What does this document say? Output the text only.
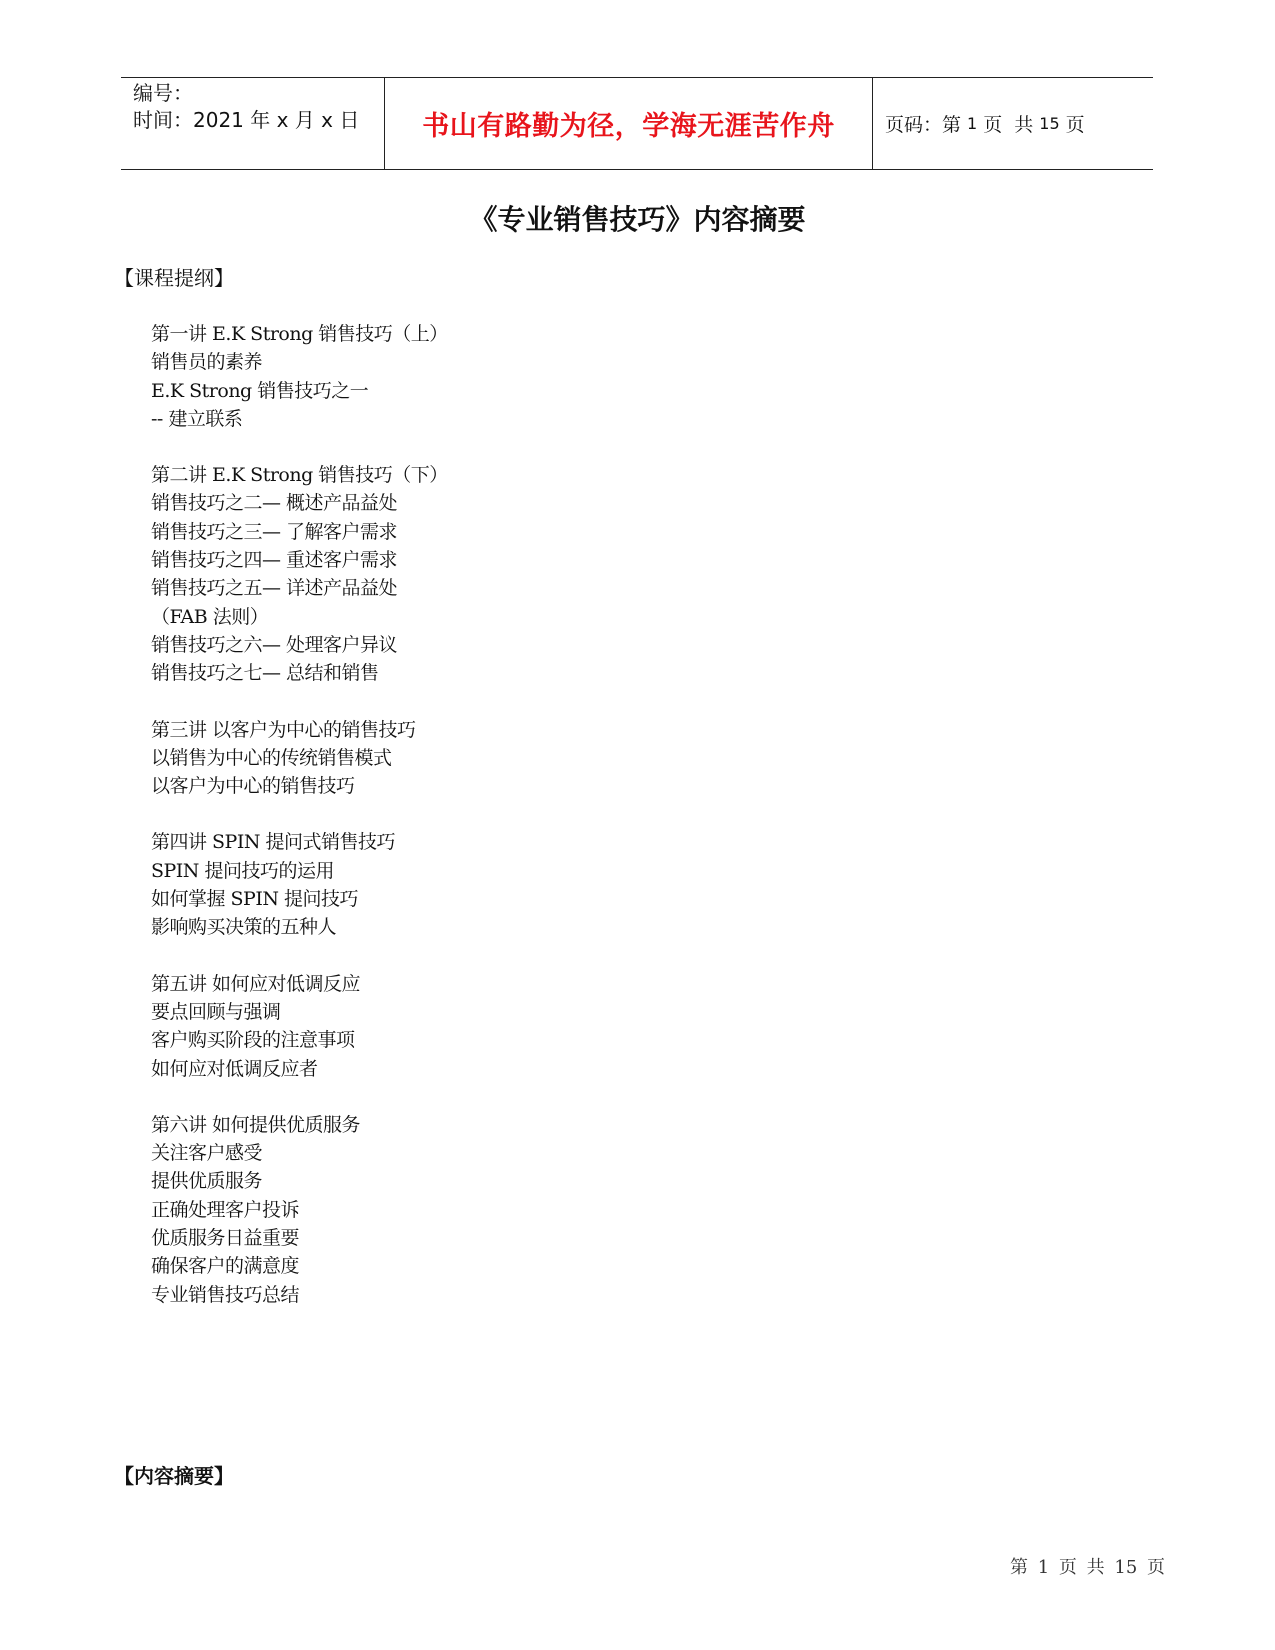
编号：
时间：2021 年 x 月 x 日	书山有路勤为径，学海无涯苦作舟	页码：第 1 页  共 15 页
《专业销售技巧》内容摘要
【课程提纲】
第一讲 E.K Strong 销售技巧（上）
销售员的素养
E.K Strong 销售技巧之一
-- 建立联系
第二讲 E.K Strong 销售技巧（下）
销售技巧之二— 概述产品益处
销售技巧之三— 了解客户需求
销售技巧之四— 重述客户需求
销售技巧之五— 详述产品益处
（FAB 法则）
销售技巧之六— 处理客户异议
销售技巧之七— 总结和销售
第三讲 以客户为中心的销售技巧
以销售为中心的传统销售模式
以客户为中心的销售技巧
第四讲 SPIN 提问式销售技巧
SPIN 提问技巧的运用
如何掌握 SPIN 提问技巧
影响购买决策的五种人
第五讲 如何应对低调反应
要点回顾与强调
客户购买阶段的注意事项
如何应对低调反应者
第六讲 如何提供优质服务
关注客户感受
提供优质服务
正确处理客户投诉
优质服务日益重要
确保客户的满意度
专业销售技巧总结
【内容摘要】
第 1 页 共 15 页
